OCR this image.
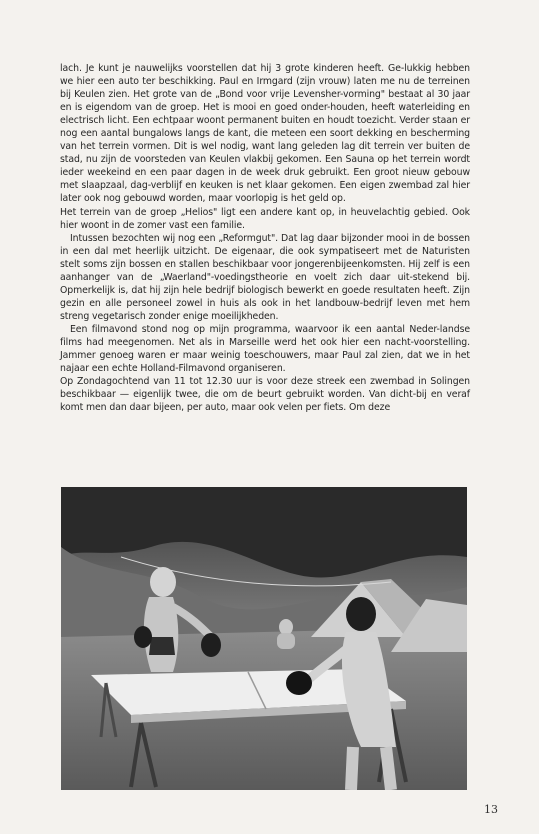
lach. Je kunt je nauwelijks voorstellen dat hij 3 grote kinderen heeft. Ge-lukkig hebben we hier een auto ter beschikking. Paul en Irmgard (zijn vrouw) laten me nu de terreinen bij Keulen zien. Het grote van de „Bond voor vrije Levensher-vorming" bestaat al 30 jaar en is eigendom van de groep. Het is mooi en goed onder-houden, heeft waterleiding en electrisch licht. Een echtpaar woont permanent buiten en houdt toezicht. Verder staan er nog een aantal bungalows langs de kant, die meteen een soort dekking en bescherming van het terrein vormen. Dit is wel nodig, want lang geleden lag dit terrein ver buiten de stad, nu zijn de voorsteden van Keulen vlakbij gekomen. Een Sauna op het terrein wordt ieder weekeind en een paar dagen in de week druk gebruikt. Een groot nieuw gebouw met slaapzaal, dag-verblijf en keuken is net klaar gekomen. Een eigen zwembad zal hier later ook nog gebouwd worden, maar voorlopig is het geld op.

Het terrein van de groep „Helios" ligt een andere kant op, in heuvelachtig gebied. Ook hier woont in de zomer vast een familie.

Intussen bezochten wij nog een „Reformgut". Dat lag daar bijzonder mooi in de bossen in een dal met heerlijk uitzicht. De eigenaar, die ook sympatiseert met de Naturisten stelt soms zijn bossen en stallen beschikbaar voor jongerenbijeenkomsten. Hij zelf is een aanhanger van de „Waerland"-voedingstheorie en voelt zich daar uit-stekend bij. Opmerkelijk is, dat hij zijn hele bedrijf biologisch bewerkt en goede resultaten heeft. Zijn gezin en alle personeel zowel in huis als ook in het landbouw-bedrijf leven met hem streng vegetarisch zonder enige moeilijkheden.

Een filmavond stond nog op mijn programma, waarvoor ik een aantal Neder-landse films had meegenomen. Net als in Marseille werd het ook hier een nacht-voorstelling. Jammer genoeg waren er maar weinig toeschouwers, maar Paul zal zien, dat we in het najaar een echte Holland-Filmavond organiseren.

Op Zondagochtend van 11 tot 12.30 uur is voor deze streek een zwembad in Solingen beschikbaar — eigenlijk twee, die om de beurt gebruikt worden. Van dicht-bij en veraf komt men dan daar bijeen, per auto, maar ook velen per fiets. Om deze

13
